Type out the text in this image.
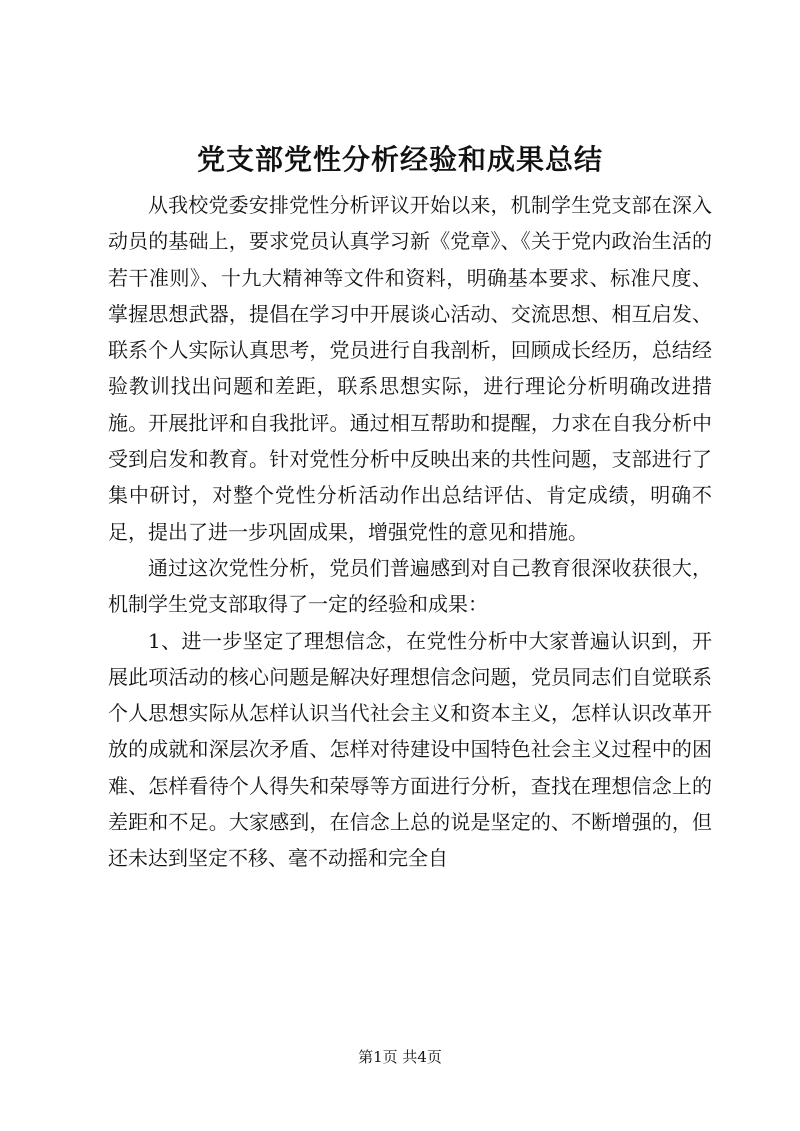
党支部党性分析经验和成果总结

从我校党委安排党性分析评议开始以来，机制学生党支部在深入动员的基础上，要求党员认真学习新《党章》、《关于党内政治生活的若干准则》、十九大精神等文件和资料，明确基本要求、标准尺度、掌握思想武器，提倡在学习中开展谈心活动、交流思想、相互启发、联系个人实际认真思考，党员进行自我剖析，回顾成长经历，总结经验教训找出问题和差距，联系思想实际，进行理论分析明确改进措施。开展批评和自我批评。通过相互帮助和提醒，力求在自我分析中受到启发和教育。针对党性分析中反映出来的共性问题，支部进行了集中研讨，对整个党性分析活动作出总结评估、肯定成绩，明确不足，提出了进一步巩固成果，增强党性的意见和措施。

通过这次党性分析，党员们普遍感到对自己教育很深收获很大，机制学生党支部取得了一定的经验和成果：

1、进一步坚定了理想信念，在党性分析中大家普遍认识到，开展此项活动的核心问题是解决好理想信念问题，党员同志们自觉联系个人思想实际从怎样认识当代社会主义和资本主义，怎样认识改革开放的成就和深层次矛盾、怎样对待建设中国特色社会主义过程中的困难、怎样看待个人得失和荣辱等方面进行分析，查找在理想信念上的差距和不足。大家感到，在信念上总的说是坚定的、不断增强的，但还未达到坚定不移、毫不动摇和完全自

第1页 共4页
